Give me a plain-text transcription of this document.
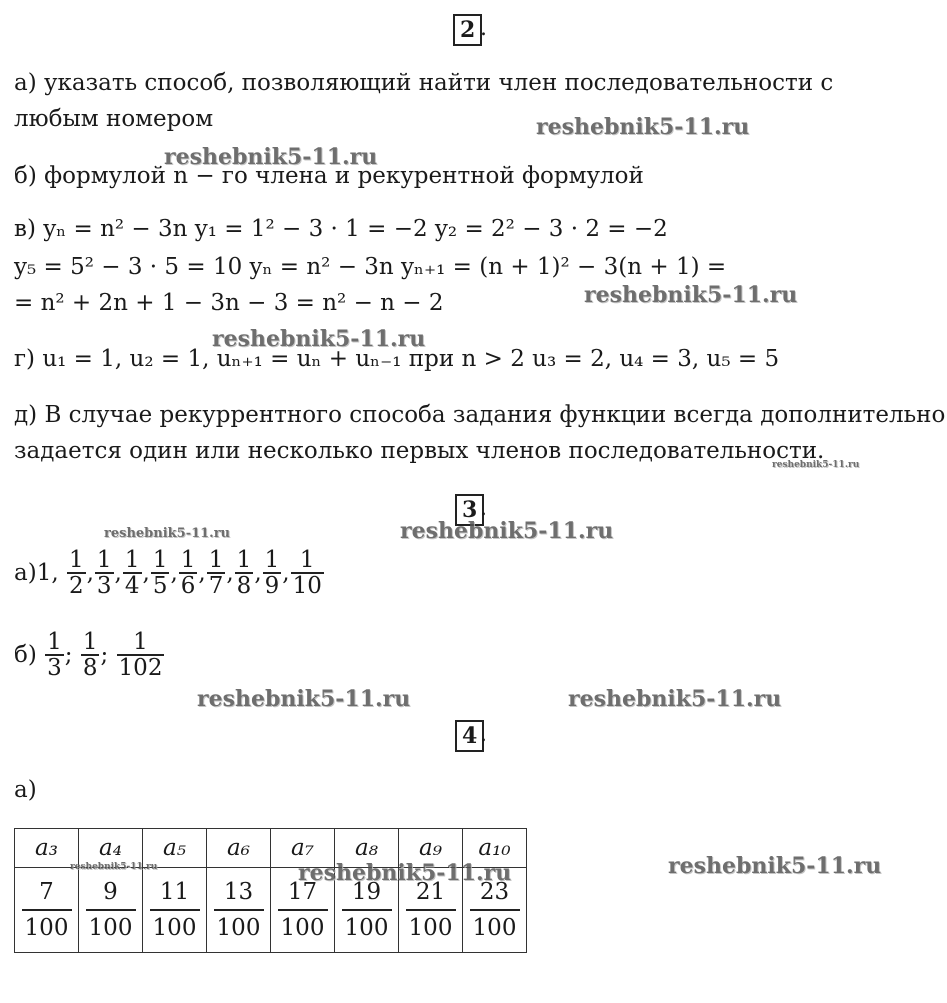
2 .
а) указать способ, позволяющий найти член последовательности с
любым номером
б) формулой n − го члена и рекурентной формулой
в) yₙ = n² − 3n y₁ = 1² − 3 · 1 = −2 y₂ = 2² − 3 · 2 = −2
y₅ = 5² − 3 · 5 = 10 yₙ = n² − 3n yₙ₊₁ = (n + 1)² − 3(n + 1) =
= n² + 2n + 1 − 3n − 3 = n² − n − 2
г) u₁ = 1, u₂ = 1, uₙ₊₁ = uₙ + uₙ₋₁ при n > 2 u₃ = 2, u₄ = 3, u₅ = 5
д) В случае рекуррентного способа задания функции всегда дополнительно
задается один или несколько первых членов последовательности.
3 .
а)1, $\frac{1}{2}$ , $\frac{1}{3}$ , $\frac{1}{4}$ , $\frac{1}{5}$ , $\frac{1}{6}$ , $\frac{1}{7}$ , $\frac{1}{8}$ , $\frac{1}{9}$ , $\frac{1}{10}$
$б) \frac{1}{3}$ ; $\frac{1}{8}$ ; $\frac{1}{102}$
4 .
а)
a₃	a₄	a₅	a₆	a₇	a₈	a₉	a₁₀

$\frac{7}{100}$	$\frac{9}{100}$	$\frac{11}{100}$	$\frac{13}{100}$	$\frac{17}{100}$	$\frac{19}{100}$	$\frac{21}{100}$	$\frac{23}{100}$
reshebnik5-11.ru
reshebnik5-11.ru
reshebnik5-11.ru
reshebnik5-11.ru
reshebnik5-11.ru
reshebnik5-11.ru	reshebnik5-11.ru
reshebnik5-11.ru	reshebnik5-11.ru
reshebnik5-11.ru
reshebnik5-11.ru	reshebnik5-11.ru
